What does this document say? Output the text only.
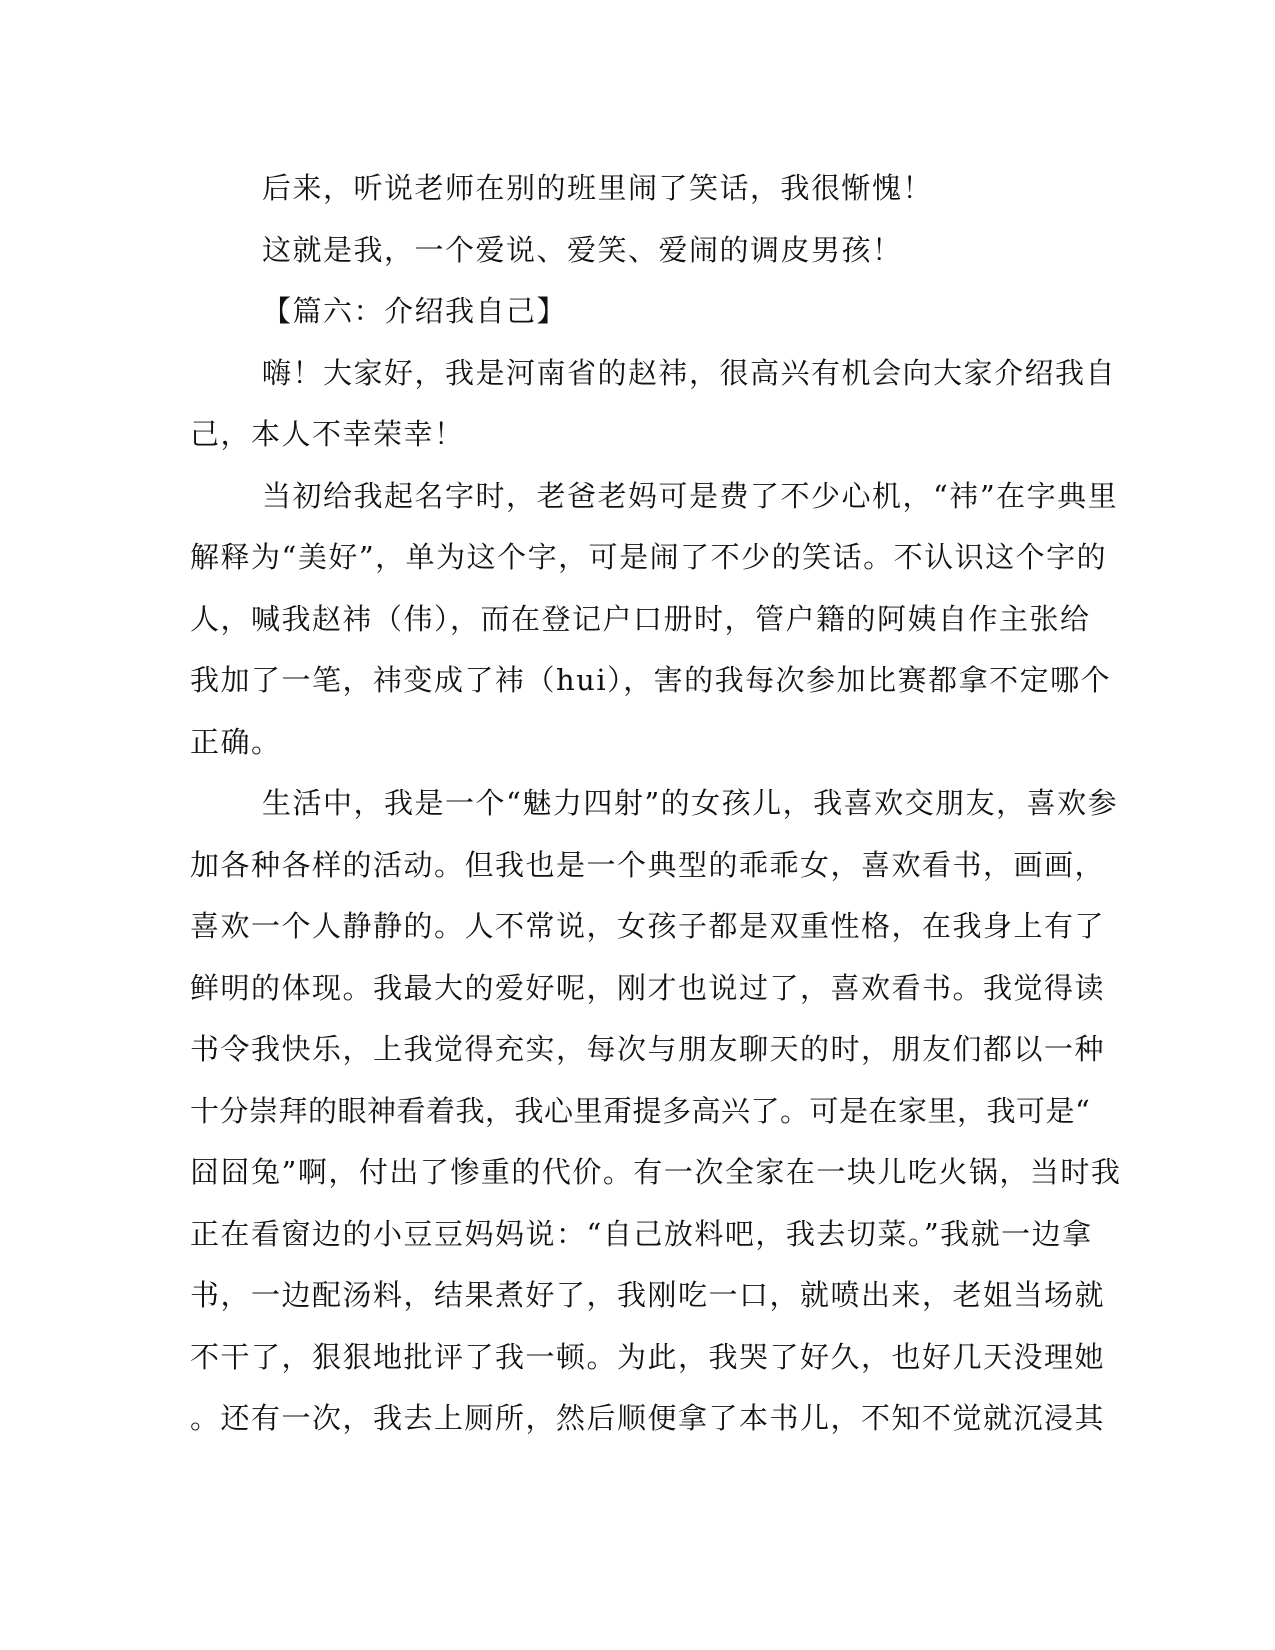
后来，听说老师在别的班里闹了笑话，我很惭愧！
这就是我，一个爱说、爱笑、爱闹的调皮男孩！
【篇六：介绍我自己】
嗨！大家好，我是河南省的赵祎，很高兴有机会向大家介绍我自
己，本人不幸荣幸！
当初给我起名字时，老爸老妈可是费了不少心机，“祎”在字典里
解释为“美好”，单为这个字，可是闹了不少的笑话。不认识这个字的
人，喊我赵祎（伟），而在登记户口册时，管户籍的阿姨自作主张给
我加了一笔，祎变成了袆（hui），害的我每次参加比赛都拿不定哪个
正确。
生活中，我是一个“魅力四射”的女孩儿，我喜欢交朋友，喜欢参
加各种各样的活动。但我也是一个典型的乖乖女，喜欢看书，画画，
喜欢一个人静静的。人不常说，女孩子都是双重性格，在我身上有了
鲜明的体现。我最大的爱好呢，刚才也说过了，喜欢看书。我觉得读
书令我快乐，上我觉得充实，每次与朋友聊天的时，朋友们都以一种
十分崇拜的眼神看着我，我心里甭提多高兴了。可是在家里，我可是“
囧囧兔”啊，付出了惨重的代价。有一次全家在一块儿吃火锅，当时我
正在看窗边的小豆豆妈妈说：“自己放料吧，我去切菜。”我就一边拿
书，一边配汤料，结果煮好了，我刚吃一口，就喷出来，老姐当场就
不干了，狠狠地批评了我一顿。为此，我哭了好久，也好几天没理她
。还有一次，我去上厕所，然后顺便拿了本书儿，不知不觉就沉浸其
